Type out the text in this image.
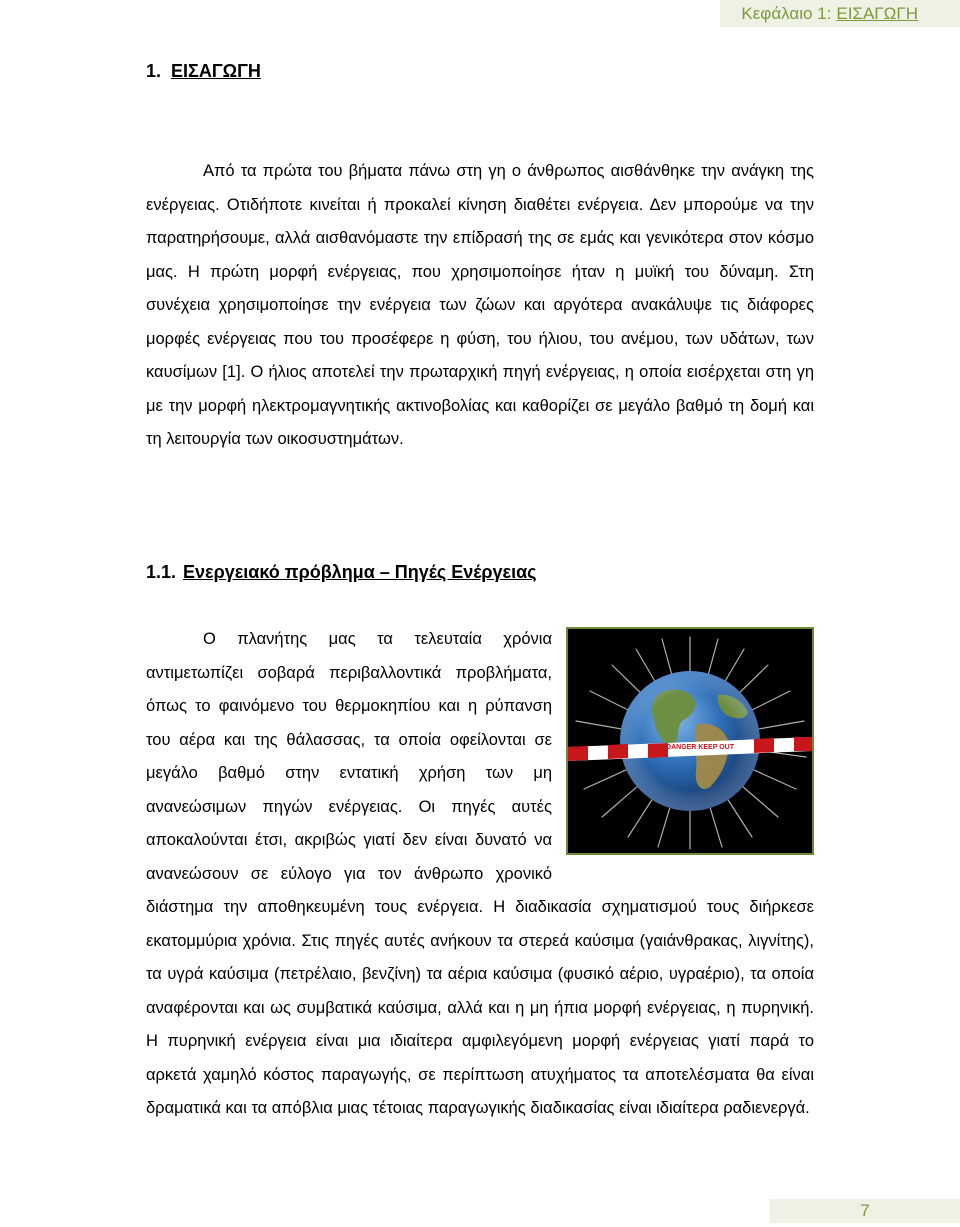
Κεφάλαιο 1: ΕΙΣΑΓΩΓΗ
1. ΕΙΣΑΓΩΓΗ

Από τα πρώτα του βήματα πάνω στη γη ο άνθρωπος αισθάνθηκε την ανάγκη της ενέργειας. Οτιδήποτε κινείται ή προκαλεί κίνηση διαθέτει ενέργεια. Δεν μπορούμε να την παρατηρήσουμε, αλλά αισθανόμαστε την επίδρασή της σε εμάς και γενικότερα στον κόσμο μας. Η πρώτη μορφή ενέργειας, που χρησιμοποίησε ήταν η μυϊκή του δύναμη. Στη συνέχεια χρησιμοποίησε την ενέργεια των ζώων και αργότερα ανακάλυψε τις διάφορες μορφές ενέργειας που του προσέφερε η φύση, του ήλιου, του ανέμου, των υδάτων, των καυσίμων [1]. Ο ήλιος αποτελεί την πρωταρχική πηγή ενέργειας, η οποία εισέρχεται στη γη με την μορφή ηλεκτρομαγνητικής ακτινοβολίας και καθορίζει σε μεγάλο βαθμό τη δομή και τη λειτουργία των οικοσυστημάτων.

1.1. Ενεργειακό πρόβλημα – Πηγές Ενέργειας
DANGER KEEP OUT
Ο πλανήτης μας τα τελευταία χρόνια αντιμετωπίζει σοβαρά περιβαλλοντικά προβλήματα, όπως το φαινόμενο του θερμοκηπίου και η ρύπανση του αέρα και της θάλασσας, τα οποία οφείλονται σε μεγάλο βαθμό στην εντατική χρήση των μη ανανεώσιμων πηγών ενέργειας. Οι πηγές αυτές αποκαλούνται έτσι, ακριβώς γιατί δεν είναι δυνατό να ανανεώσουν σε εύλογο για τον άνθρωπο χρονικό διάστημα την αποθηκευμένη τους ενέργεια. Η διαδικασία σχηματισμού τους διήρκεσε εκατομμύρια χρόνια. Στις πηγές αυτές ανήκουν τα στερεά καύσιμα (γαιάνθρακας, λιγνίτης), τα υγρά καύσιμα (πετρέλαιο, βενζίνη) τα αέρια καύσιμα (φυσικό αέριο, υγραέριο), τα οποία αναφέρονται και ως συμβατικά καύσιμα, αλλά και η μη ήπια μορφή ενέργειας, η πυρηνική. Η πυρηνική ενέργεια είναι μια ιδιαίτερα αμφιλεγόμενη μορφή ενέργειας γιατί παρά το αρκετά χαμηλό κόστος παραγωγής, σε περίπτωση ατυχήματος τα αποτελέσματα θα είναι δραματικά και τα απόβλια μιας τέτοιας παραγωγικής διαδικασίας είναι ιδιαίτερα ραδιενεργά.
7
